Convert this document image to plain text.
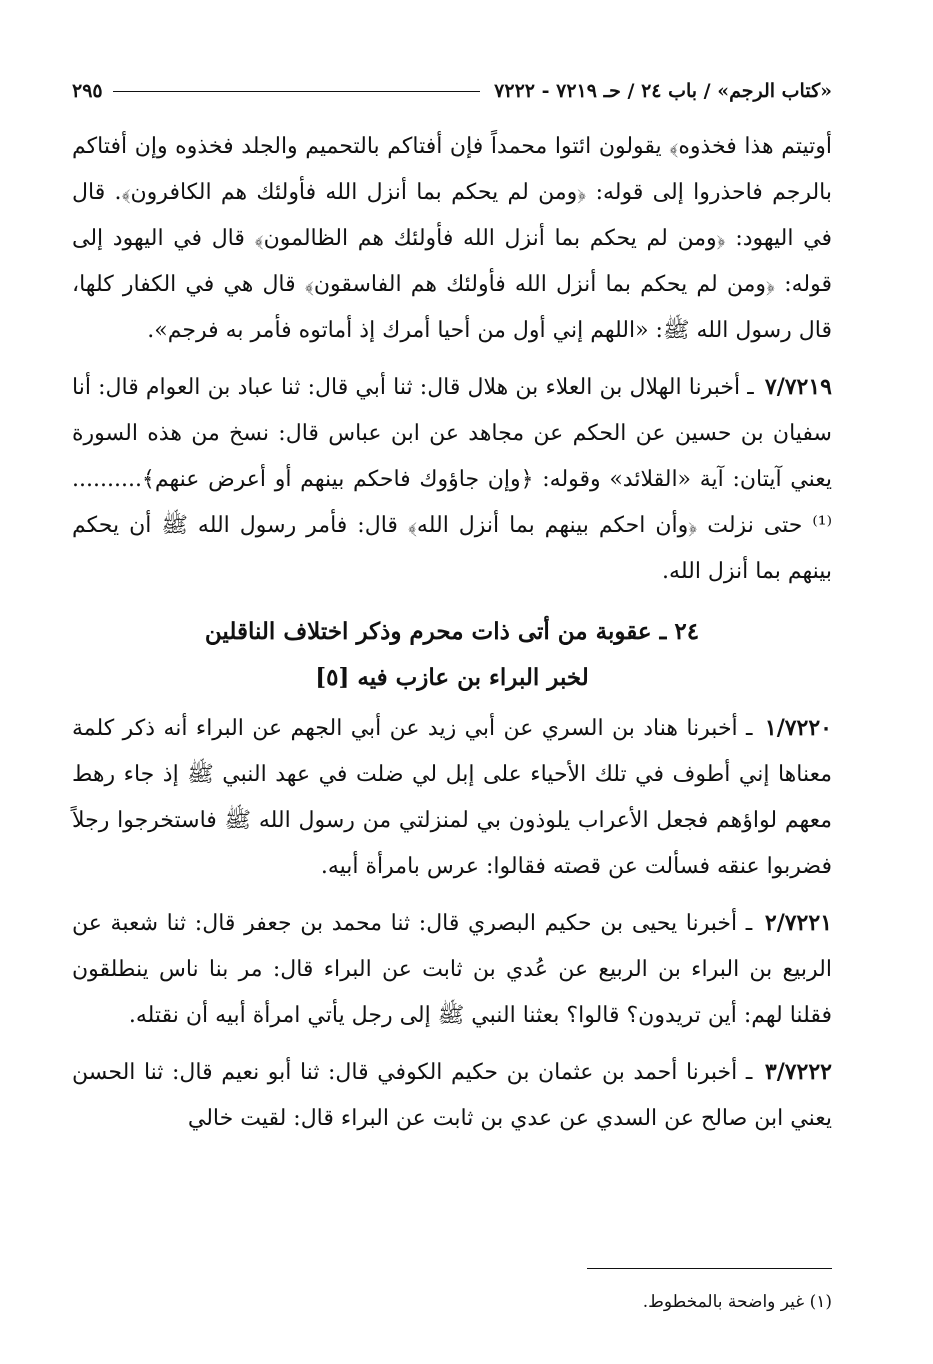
«كتاب الرجم» / باب ٢٤ / حـ ٧٢١٩ - ٧٢٢٢
٢٩٥

أوتيتم هذا فخذوه﴾ يقولون ائتوا محمداً فإن أفتاكم بالتحميم والجلد فخذوه وإن أفتاكم بالرجم فاحذروا إلى قوله: ﴿ومن لم يحكم بما أنزل الله فأولئك هم الكافرون﴾. قال في اليهود: ﴿ومن لم يحكم بما أنزل الله فأولئك هم الظالمون﴾ قال في اليهود إلى قوله: ﴿ومن لم يحكم بما أنزل الله فأولئك هم الفاسقون﴾ قال هي في الكفار كلها، قال رسول الله ﷺ: «اللهم إني أول من أحيا أمرك إذ أماتوه فأمر به فرجم».

٧/٧٢١٩ ـ أخبرنا الهلال بن العلاء بن هلال قال: ثنا أبي قال: ثنا عباد بن العوام قال: أنا سفيان بن حسين عن الحكم عن مجاهد عن ابن عباس قال: نسخ من هذه السورة يعني آيتان: آية «القلائد» وقوله: ﴿وإن جاؤوك فاحكم بينهم أو أعرض عنهم﴾.......... ⁽¹⁾ حتى نزلت ﴿وأن احكم بينهم بما أنزل الله﴾ قال: فأمر رسول الله ﷺ أن يحكم بينهم بما أنزل الله.

٢٤ ـ عقوبة من أتى ذات محرم وذكر اختلاف الناقلين
لخبر البراء بن عازب فيه [٥]

١/٧٢٢٠ ـ أخبرنا هناد بن السري عن أبي زيد عن أبي الجهم عن البراء أنه ذكر كلمة معناها إني أطوف في تلك الأحياء على إبل لي ضلت في عهد النبي ﷺ إذ جاء رهط معهم لواؤهم فجعل الأعراب يلوذون بي لمنزلتي من رسول الله ﷺ فاستخرجوا رجلاً فضربوا عنقه فسألت عن قصته فقالوا: عرس بامرأة أبيه.

٢/٧٢٢١ ـ أخبرنا يحيى بن حكيم البصري قال: ثنا محمد بن جعفر قال: ثنا شعبة عن الربيع بن البراء بن الربيع عن عُدي بن ثابت عن البراء قال: مر بنا ناس ينطلقون فقلنا لهم: أين تريدون؟ قالوا؟ بعثنا النبي ﷺ إلى رجل يأتي امرأة أبيه أن نقتله.

٣/٧٢٢٢ ـ أخبرنا أحمد بن عثمان بن حكيم الكوفي قال: ثنا أبو نعيم قال: ثنا الحسن يعني ابن صالح عن السدي عن عدي بن ثابت عن البراء قال: لقيت خالي

(١) غير واضحة بالمخطوط.
